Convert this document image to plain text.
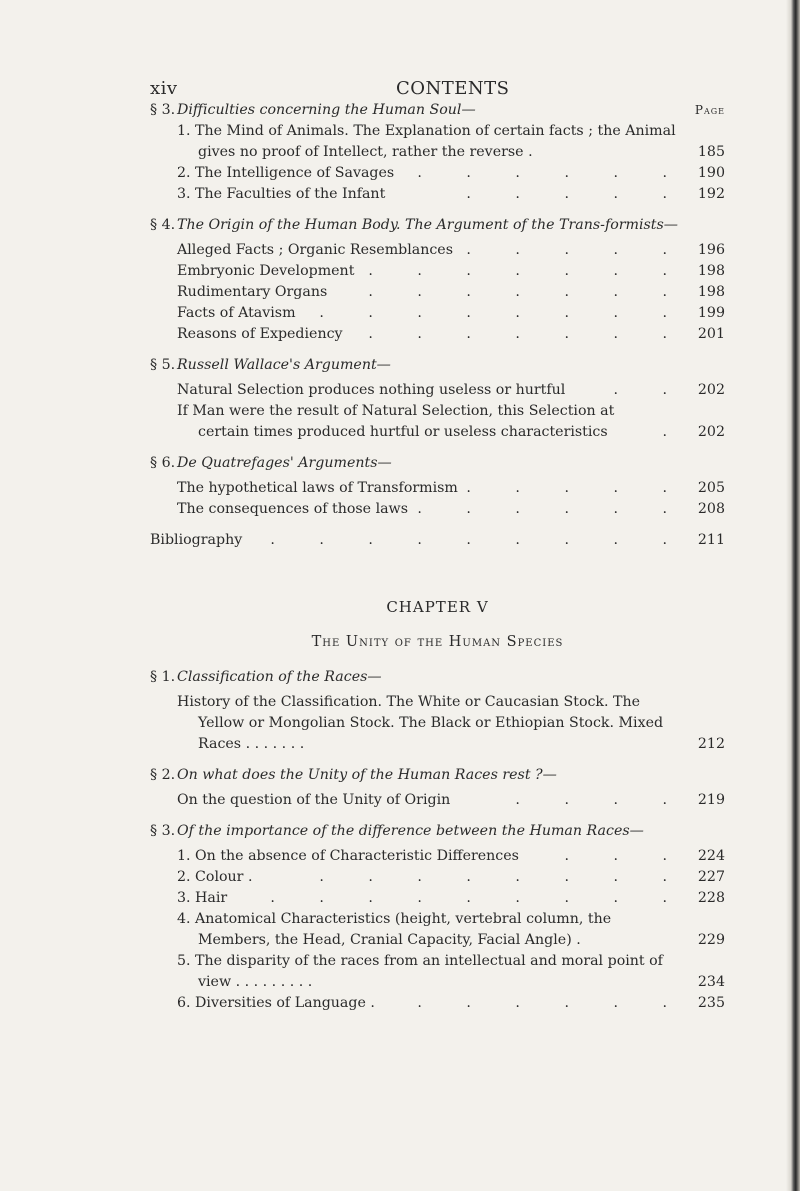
xiv	CONTENTS
§ 3. Difficulties concerning the Human Soul—	Page
1. The Mind of Animals. The Explanation of certain facts ; the Animal gives no proof of Intellect, rather the reverse .	185
2. The Intelligence of Savages	. . . . . . 190
3. The Faculties of the Infant	. . . . . 192
§ 4. The Origin of the Human Body. The Argument of the Trans-formists—
Alleged Facts ; Organic Resemblances . . . . . 196
Embryonic Development . . . . . . . 198
Rudimentary Organs	. . . . . . . 198
Facts of Atavism	. . . . . . . . 199
Reasons of Expediency	. . . . . . . 201
§ 5. Russell Wallace's Argument—
Natural Selection produces nothing useless or hurtful	. . 202
If Man were the result of Natural Selection, this Selection at certain times produced hurtful or useless characteristics	. 202
§ 6. De Quatrefages' Arguments—
The hypothetical laws of Transformism . . . . . 205
The consequences of those laws . . . . . . 208
Bibliography	. . . . . . . . . 211
CHAPTER V
The Unity of the Human Species
§ 1. Classification of the Races—
History of the Classification. The White or Caucasian Stock. The Yellow or Mongolian Stock. The Black or Ethiopian Stock. Mixed Races . . . . . . .	212
§ 2. On what does the Unity of the Human Races rest ?—
On the question of the Unity of Origin	. . . . 219
§ 3. Of the importance of the difference between the Human Races—
1. On the absence of Characteristic Differences	. . . 224
2. Colour .	. . . . . . . . 227
3. Hair	. . . . . . . . . 228
4. Anatomical Characteristics (height, vertebral column, the Members, the Head, Cranial Capacity, Facial Angle) .	229
5. The disparity of the races from an intellectual and moral point of view . . . . . . . . .	234
6. Diversities of Language .	. . . . . . 235
